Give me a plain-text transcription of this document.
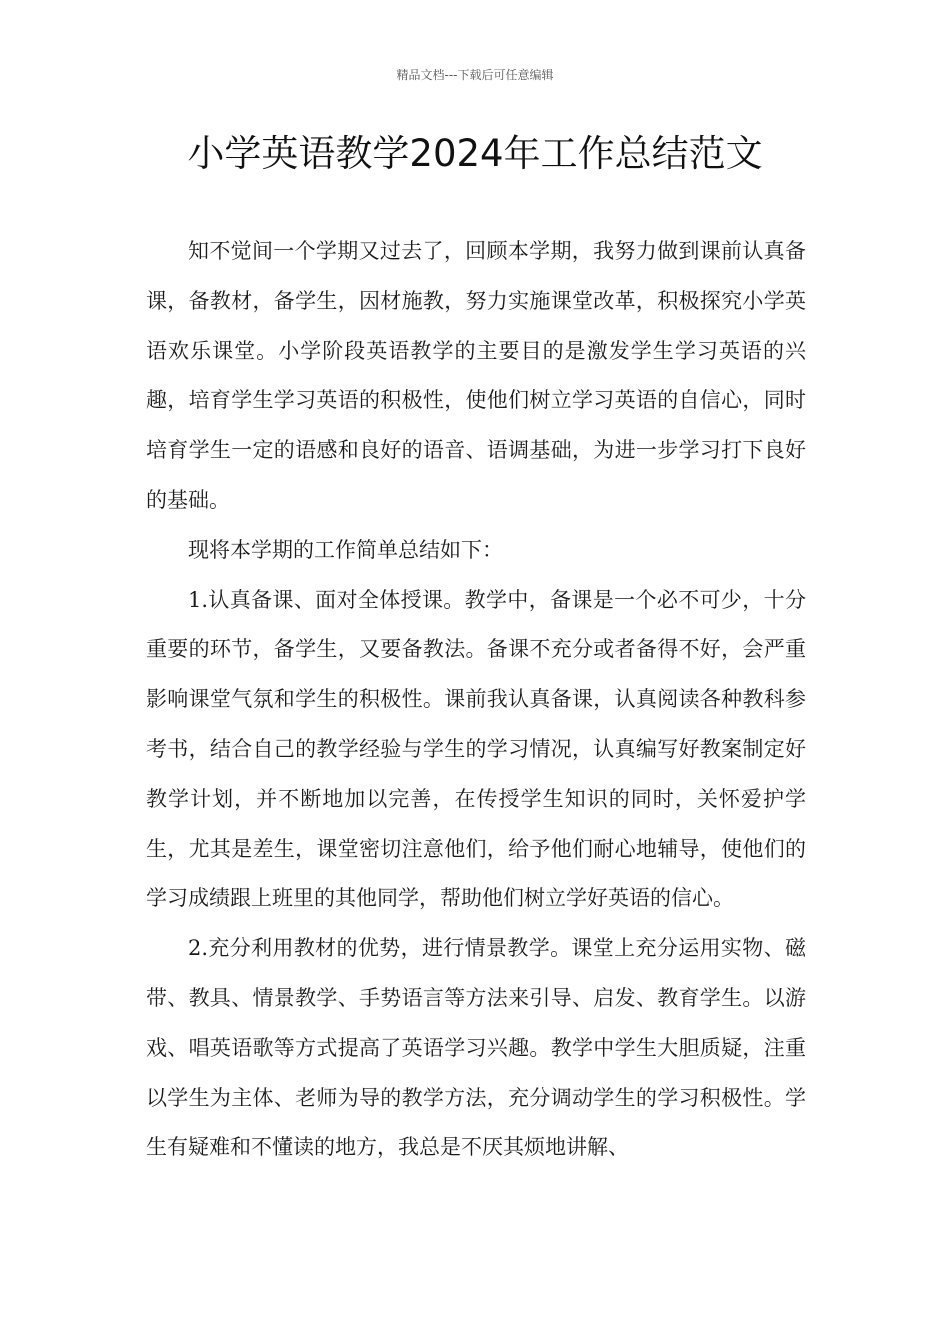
精品文档---下载后可任意编辑
小学英语教学2024年工作总结范文

知不觉间一个学期又过去了，回顾本学期，我努力做到课前认真备课，备教材，备学生，因材施教，努力实施课堂改革，积极探究小学英语欢乐课堂。小学阶段英语教学的主要目的是激发学生学习英语的兴趣，培育学生学习英语的积极性，使他们树立学习英语的自信心，同时培育学生一定的语感和良好的语音、语调基础，为进一步学习打下良好的基础。

现将本学期的工作简单总结如下：

1.认真备课、面对全体授课。教学中，备课是一个必不可少，十分重要的环节，备学生，又要备教法。备课不充分或者备得不好，会严重影响课堂气氛和学生的积极性。课前我认真备课，认真阅读各种教科参考书，结合自己的教学经验与学生的学习情况，认真编写好教案制定好教学计划，并不断地加以完善，在传授学生知识的同时，关怀爱护学生，尤其是差生，课堂密切注意他们，给予他们耐心地辅导，使他们的学习成绩跟上班里的其他同学，帮助他们树立学好英语的信心。

2.充分利用教材的优势，进行情景教学。课堂上充分运用实物、磁带、教具、情景教学、手势语言等方法来引导、启发、教育学生。以游戏、唱英语歌等方式提高了英语学习兴趣。教学中学生大胆质疑，注重以学生为主体、老师为导的教学方法，充分调动学生的学习积极性。学生有疑难和不懂读的地方，我总是不厌其烦地讲解、
